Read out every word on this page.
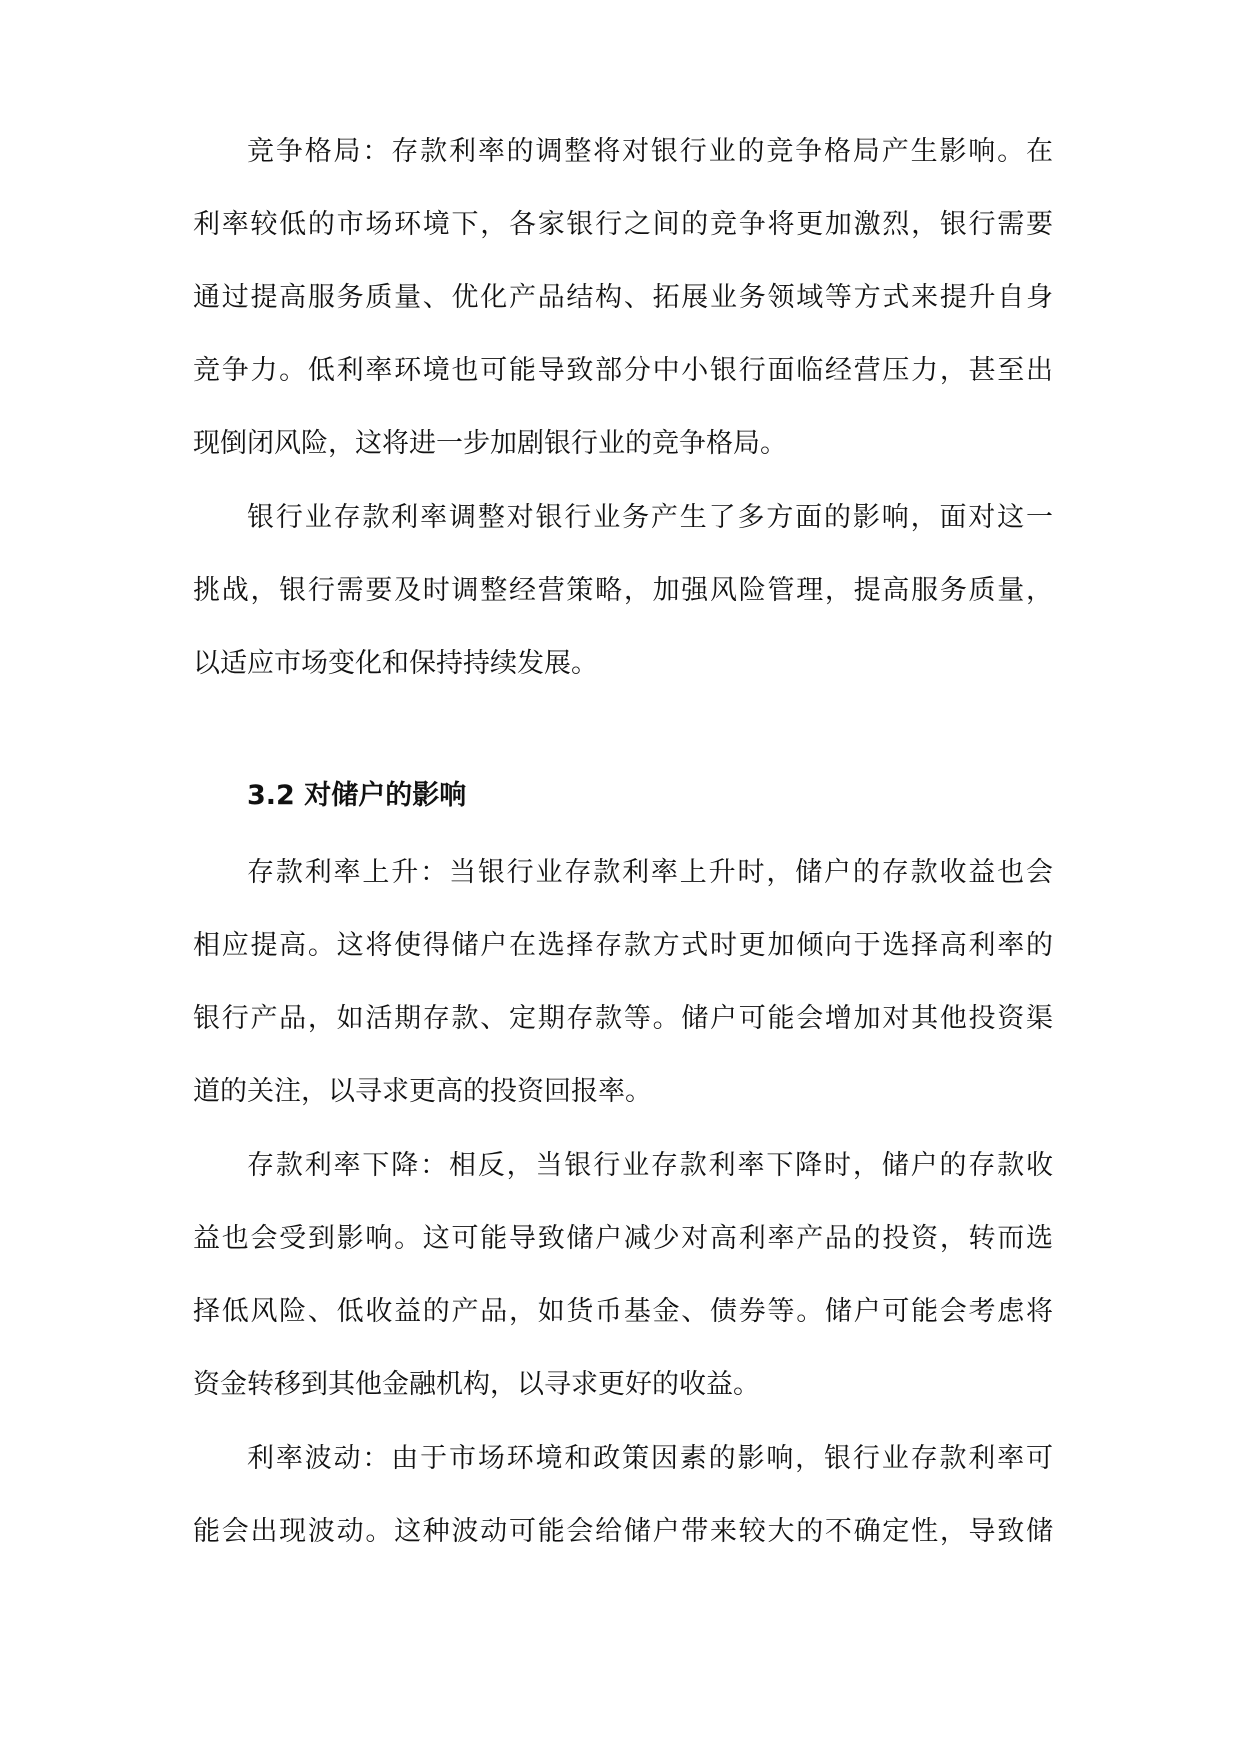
竞争格局：存款利率的调整将对银行业的竞争格局产生影响。在
利率较低的市场环境下，各家银行之间的竞争将更加激烈，银行需要
通过提高服务质量、优化产品结构、拓展业务领域等方式来提升自身
竞争力。低利率环境也可能导致部分中小银行面临经营压力，甚至出
现倒闭风险，这将进一步加剧银行业的竞争格局。
银行业存款利率调整对银行业务产生了多方面的影响，面对这一
挑战，银行需要及时调整经营策略，加强风险管理，提高服务质量，
以适应市场变化和保持持续发展。
3.2 对储户的影响
存款利率上升：当银行业存款利率上升时，储户的存款收益也会
相应提高。这将使得储户在选择存款方式时更加倾向于选择高利率的
银行产品，如活期存款、定期存款等。储户可能会增加对其他投资渠
道的关注，以寻求更高的投资回报率。
存款利率下降：相反，当银行业存款利率下降时，储户的存款收
益也会受到影响。这可能导致储户减少对高利率产品的投资，转而选
择低风险、低收益的产品，如货币基金、债券等。储户可能会考虑将
资金转移到其他金融机构，以寻求更好的收益。
利率波动：由于市场环境和政策因素的影响，银行业存款利率可
能会出现波动。这种波动可能会给储户带来较大的不确定性，导致储
